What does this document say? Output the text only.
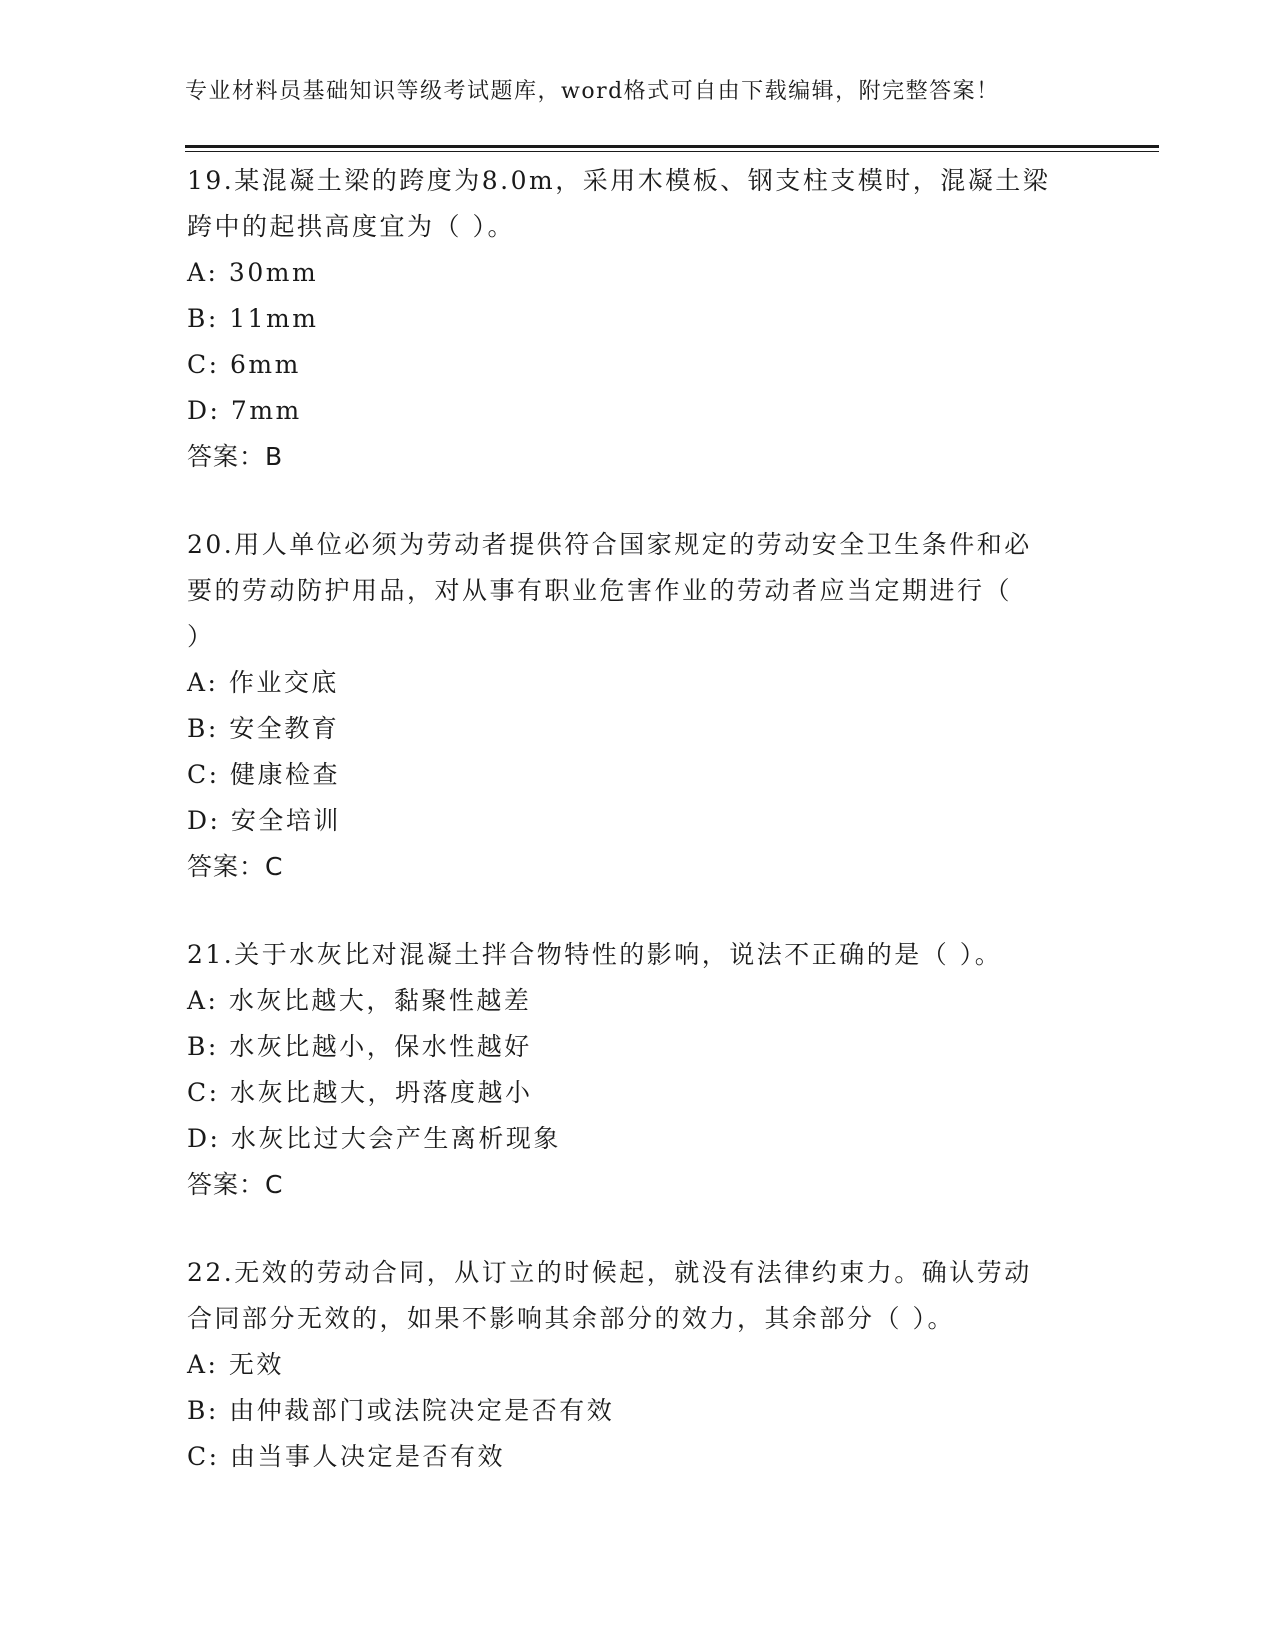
专业材料员基础知识等级考试题库，word格式可自由下载编辑，附完整答案！
19.某混凝土梁的跨度为8.0m，采用木模板、钢支柱支模时，混凝土梁
跨中的起拱高度宜为（ ）。
A: 30mm
B: 11mm
C: 6mm
D: 7mm
答案：B
20.用人单位必须为劳动者提供符合国家规定的劳动安全卫生条件和必
要的劳动防护用品，对从事有职业危害作业的劳动者应当定期进行（
）
A: 作业交底
B: 安全教育
C: 健康检查
D: 安全培训
答案：C
21.关于水灰比对混凝土拌合物特性的影响，说法不正确的是（ ）。
A: 水灰比越大，黏聚性越差
B: 水灰比越小，保水性越好
C: 水灰比越大，坍落度越小
D: 水灰比过大会产生离析现象
答案：C
22.无效的劳动合同，从订立的时候起，就没有法律约束力。确认劳动
合同部分无效的，如果不影响其余部分的效力，其余部分（ ）。
A: 无效
B: 由仲裁部门或法院决定是否有效
C: 由当事人决定是否有效
